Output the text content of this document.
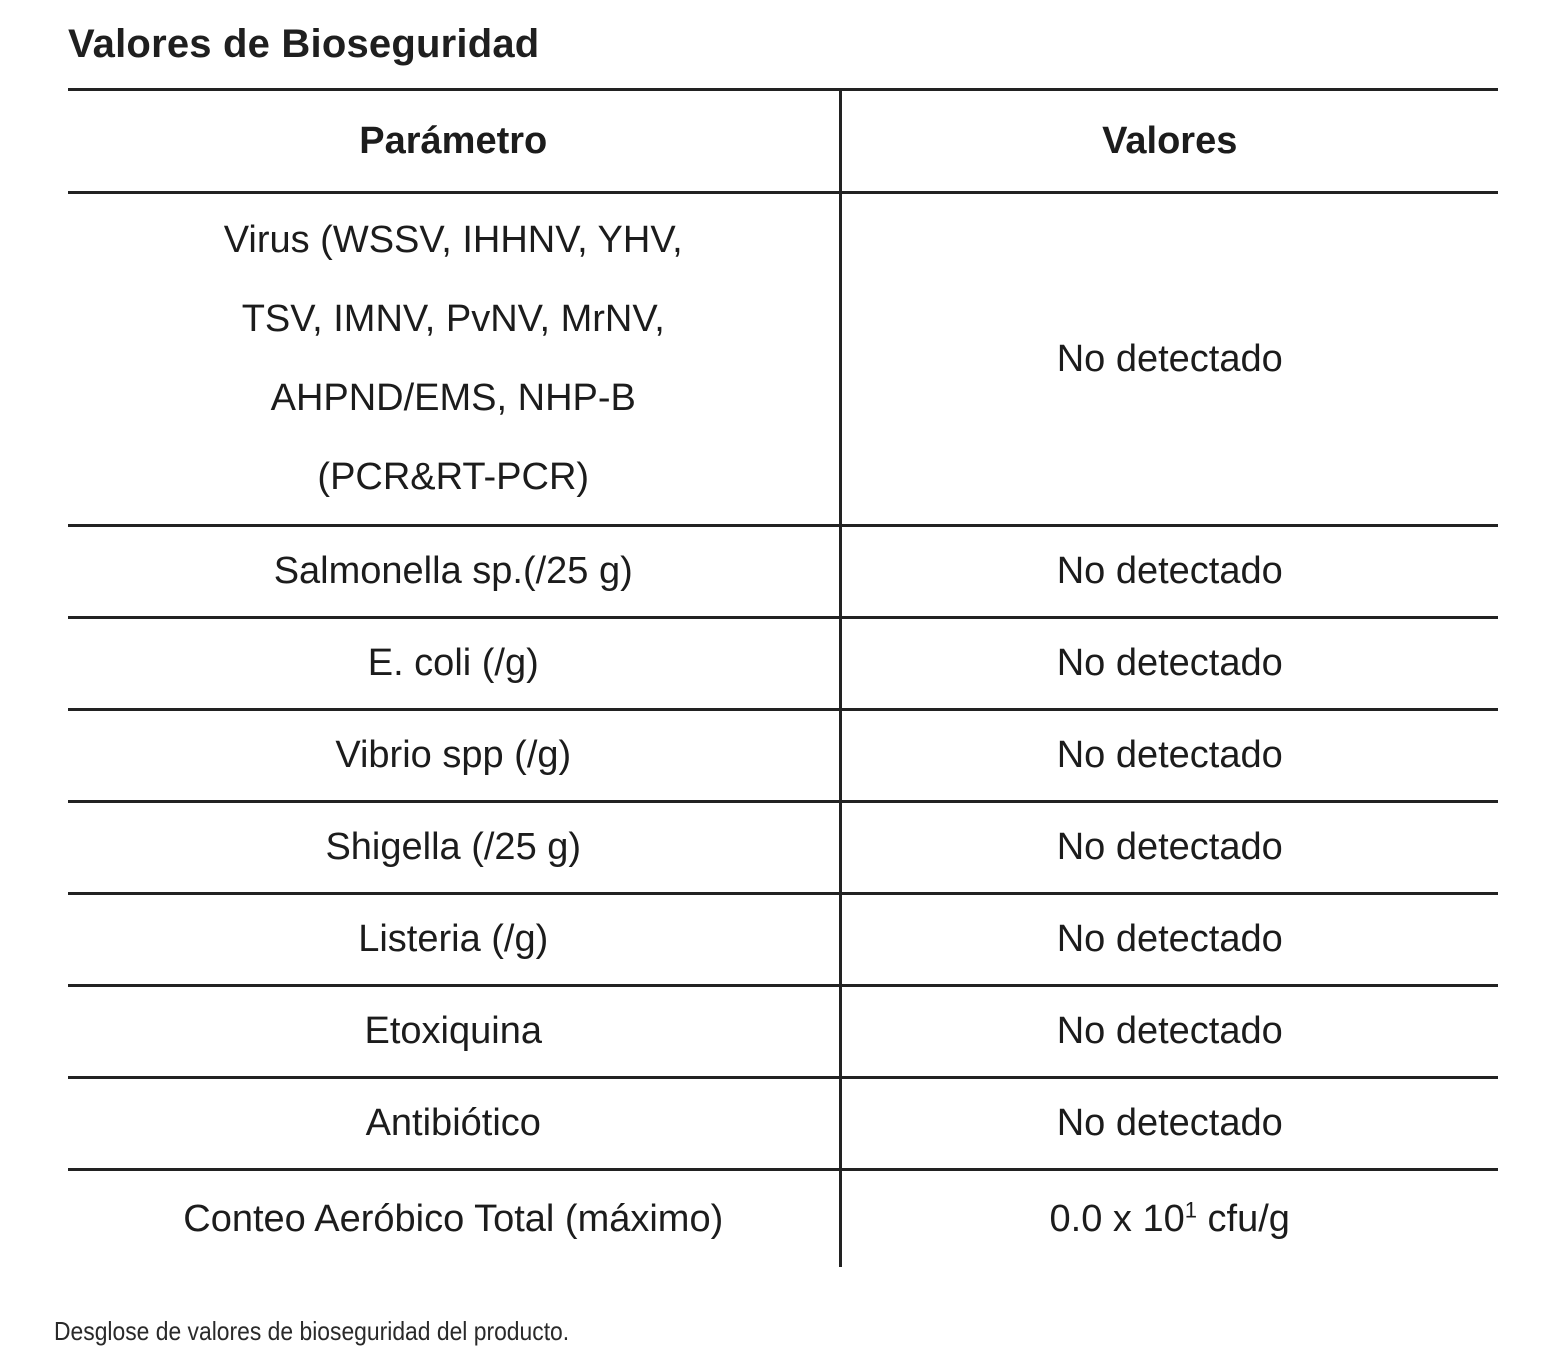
Valores de Bioseguridad
Parámetro	Valores

Virus (WSSV, IHHNV, YHV,
TSV, IMNV, PvNV, MrNV,
AHPND/EMS, NHP-B
(PCR&RT-PCR)	No detectado
Salmonella sp.(/25 g)	No detectado
E. coli (/g)	No detectado
Vibrio spp (/g)	No detectado
Shigella (/25 g)	No detectado
Listeria (/g)	No detectado
Etoxiquina	No detectado
Antibiótico	No detectado
Conteo Aeróbico Total (máximo)	0.0 x $10^1$ cfu/g
Desglose de valores de bioseguridad del producto.
